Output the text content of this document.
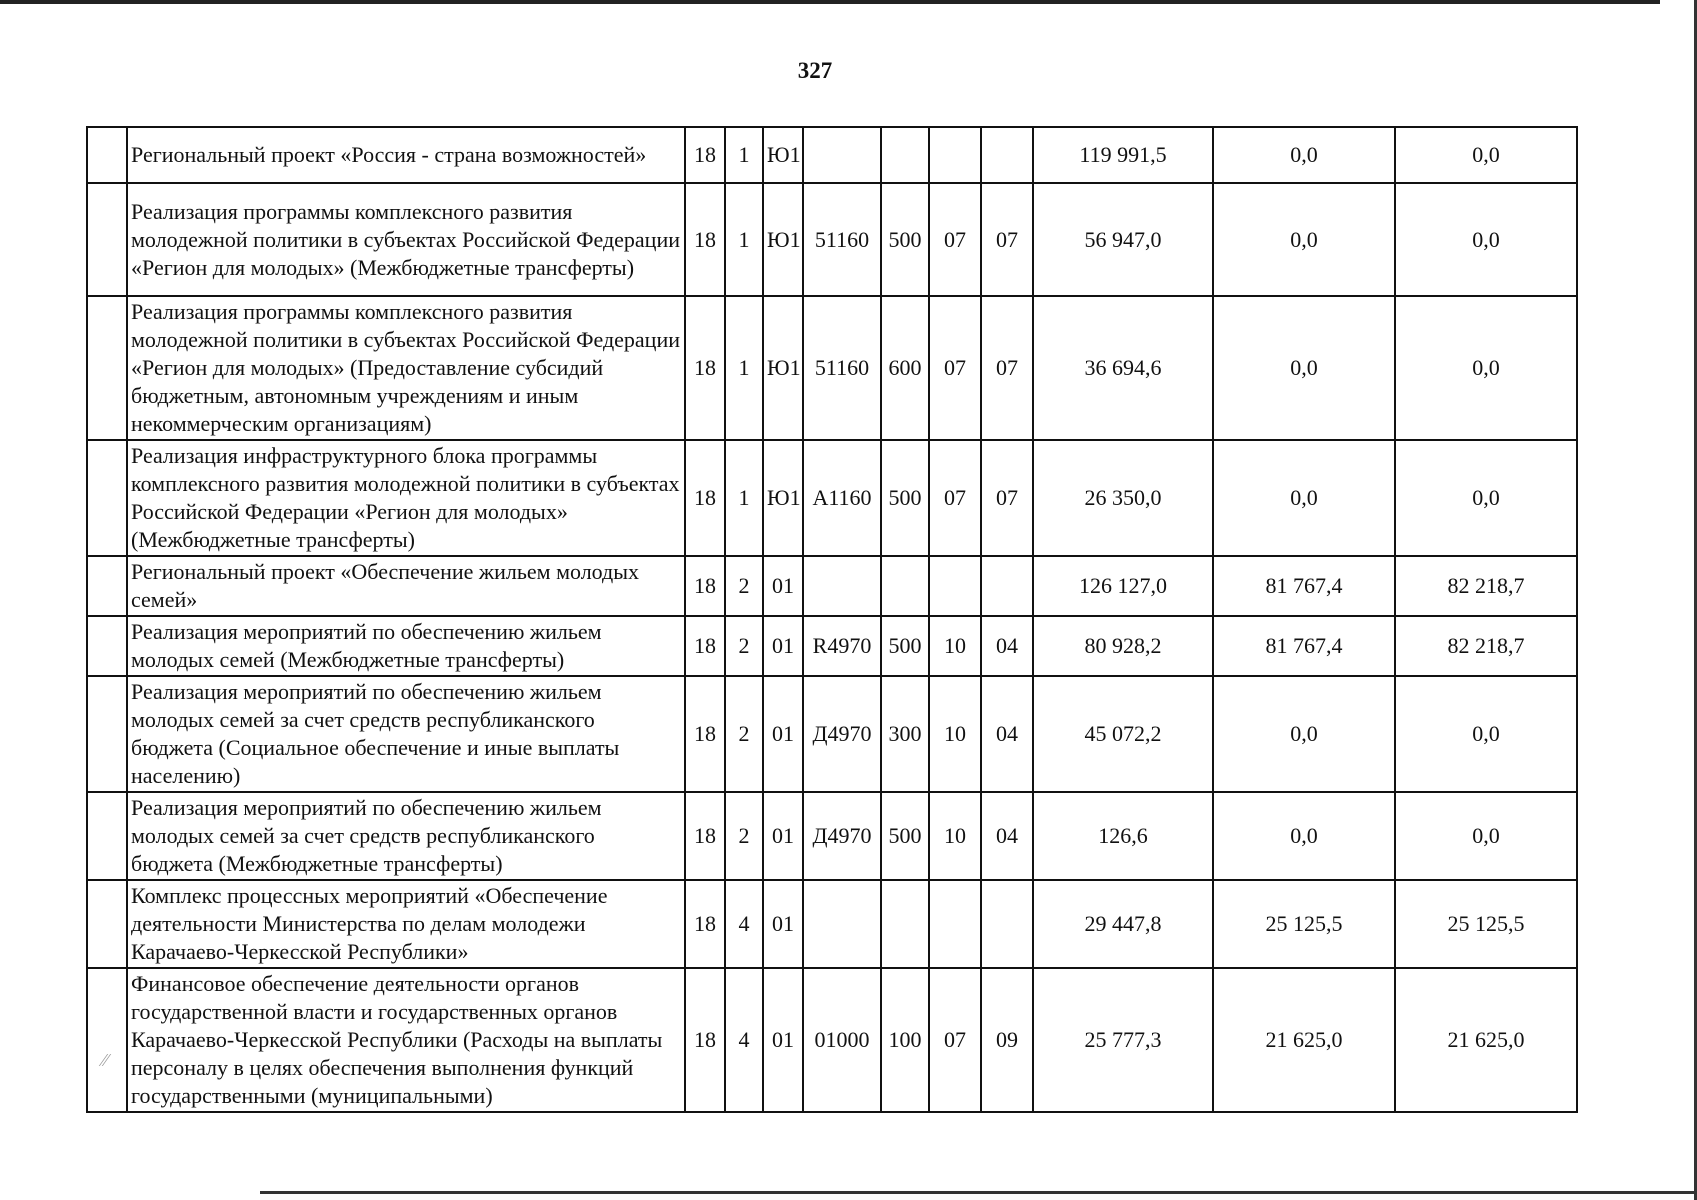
327
	Региональный проект «Россия - страна возможностей»	18	1	Ю1					119 991,5	0,0	0,0
	Реализация программы комплексного развития молодежной политики в субъектах Российской Федерации «Регион для молодых» (Межбюджетные трансферты)	18	1	Ю1	51160	500	07	07	56 947,0	0,0	0,0
	Реализация программы комплексного развития молодежной политики в субъектах Российской Федерации «Регион для молодых» (Предоставление субсидий бюджетным, автономным учреждениям и иным некоммерческим организациям)	18	1	Ю1	51160	600	07	07	36 694,6	0,0	0,0
	Реализация инфраструктурного блока программы комплексного развития молодежной политики в субъектах Российской Федерации «Регион для молодых» (Межбюджетные трансферты)	18	1	Ю1	А1160	500	07	07	26 350,0	0,0	0,0
	Региональный проект «Обеспечение жильем молодых семей»	18	2	01					126 127,0	81 767,4	82 218,7
	Реализация мероприятий по обеспечению жильем молодых семей (Межбюджетные трансферты)	18	2	01	R4970	500	10	04	80 928,2	81 767,4	82 218,7
	Реализация мероприятий по обеспечению жильем молодых семей за счет средств республиканского бюджета (Социальное обеспечение и иные выплаты населению)	18	2	01	Д4970	300	10	04	45 072,2	0,0	0,0
	Реализация мероприятий по обеспечению жильем молодых семей за счет средств республиканского бюджета (Межбюджетные трансферты)	18	2	01	Д4970	500	10	04	126,6	0,0	0,0
	Комплекс процессных мероприятий «Обеспечение деятельности Министерства по делам молодежи Карачаево-Черкесской Республики»	18	4	01					29 447,8	25 125,5	25 125,5
	Финансовое обеспечение деятельности органов государственной власти и государственных органов Карачаево-Черкесской Республики (Расходы на выплаты персоналу в целях обеспечения выполнения функций государственными (муниципальными)	18	4	01	01000	100	07	09	25 777,3	21 625,0	21 625,0
⁄⁄
